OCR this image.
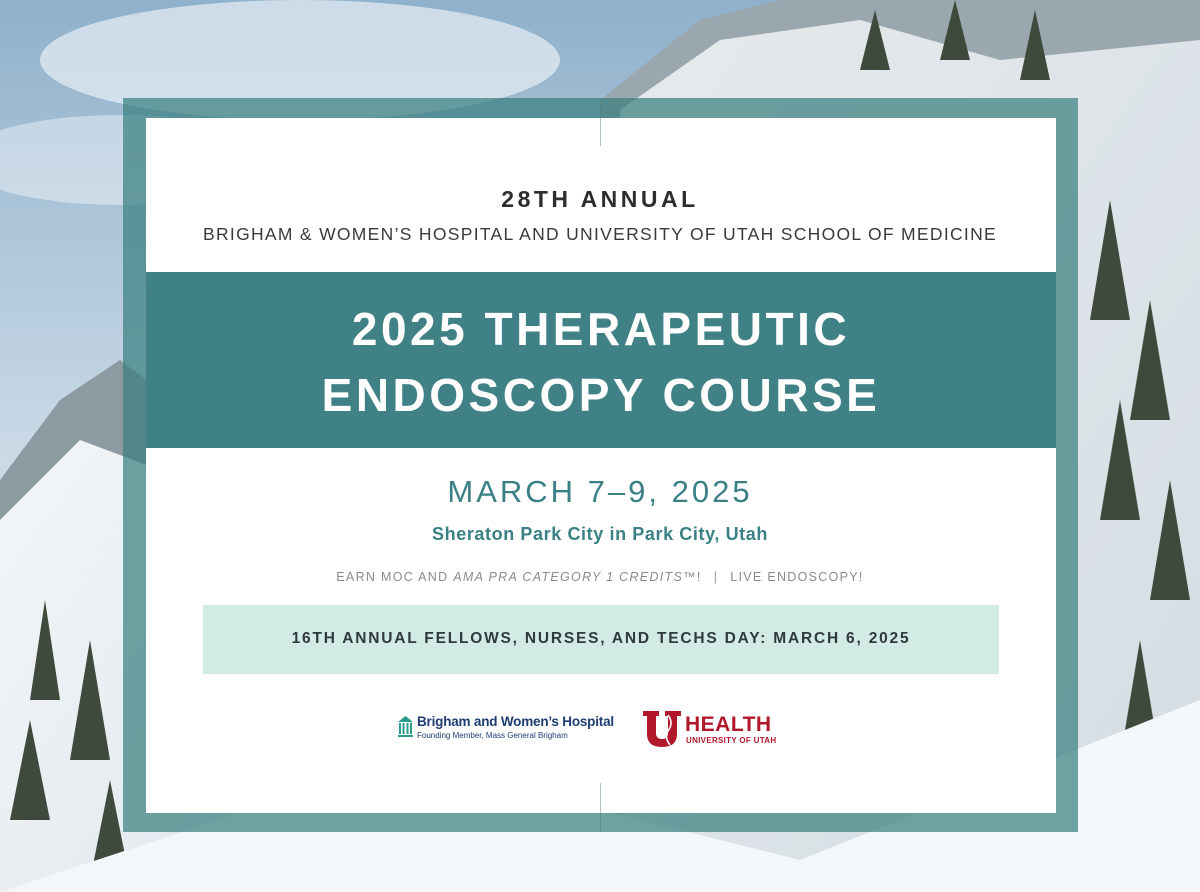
28TH ANNUAL
BRIGHAM & WOMEN’S HOSPITAL AND UNIVERSITY OF UTAH SCHOOL OF MEDICINE
2025 THERAPEUTIC
ENDOSCOPY COURSE
MARCH 7–9, 2025
Sheraton Park City in Park City, Utah
EARN MOC AND AMA PRA CATEGORY 1 CREDITS™! | LIVE ENDOSCOPY!
16TH ANNUAL FELLOWS, NURSES, AND TECHS DAY: MARCH 6, 2025
Brigham and Women’s Hospital
Founding Member, Mass General Brigham	HEALTH
UNIVERSITY OF UTAH
